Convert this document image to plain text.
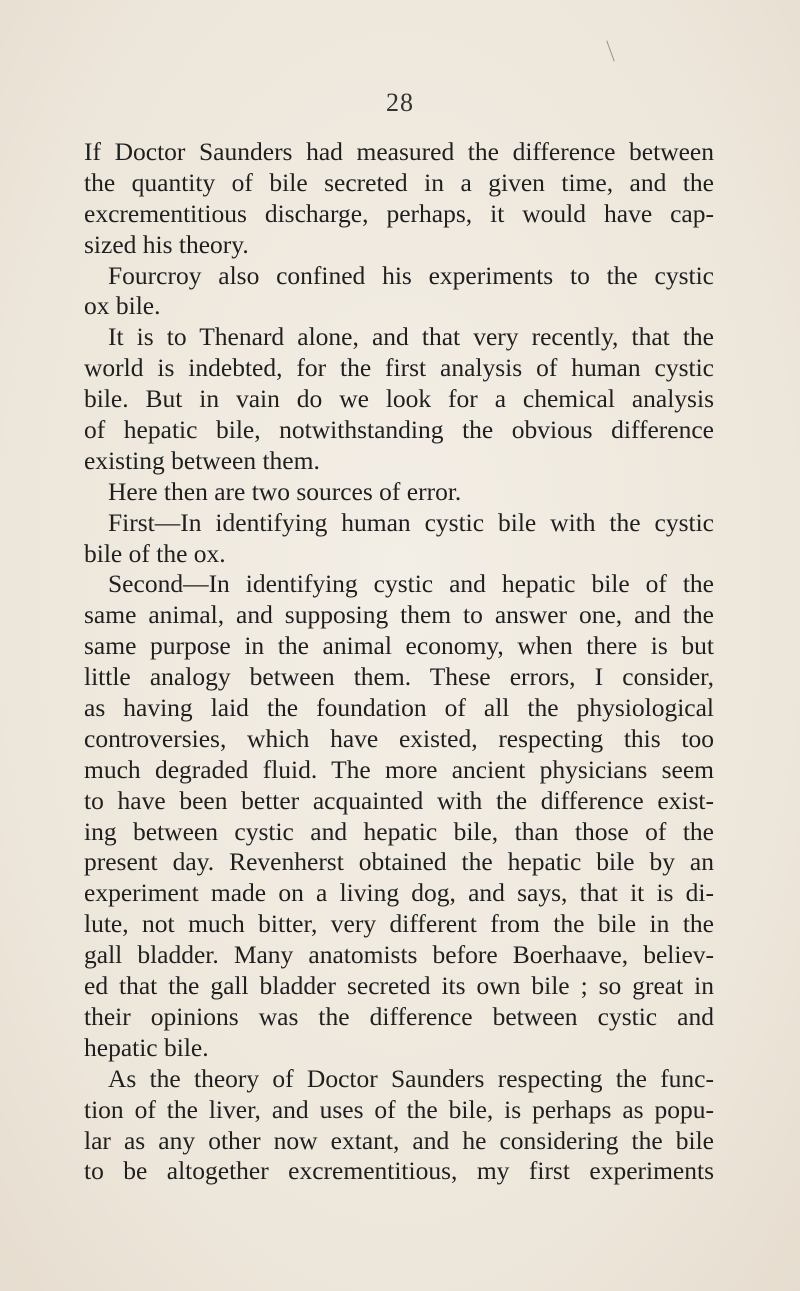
28
If Doctor Saunders had measured the difference between
the quantity of bile secreted in a given time, and the
excrementitious discharge, perhaps, it would have cap-
sized his theory.
Fourcroy also confined his experiments to the cystic
ox bile.
It is to Thenard alone, and that very recently, that the
world is indebted, for the first analysis of human cystic
bile. But in vain do we look for a chemical analysis
of hepatic bile, notwithstanding the obvious difference
existing between them.
Here then are two sources of error.
First—In identifying human cystic bile with the cystic
bile of the ox.
Second—In identifying cystic and hepatic bile of the
same animal, and supposing them to answer one, and the
same purpose in the animal economy, when there is but
little analogy between them. These errors, I consider,
as having laid the foundation of all the physiological
controversies, which have existed, respecting this too
much degraded fluid. The more ancient physicians seem
to have been better acquainted with the difference exist-
ing between cystic and hepatic bile, than those of the
present day. Revenherst obtained the hepatic bile by an
experiment made on a living dog, and says, that it is di-
lute, not much bitter, very different from the bile in the
gall bladder. Many anatomists before Boerhaave, believ-
ed that the gall bladder secreted its own bile ; so great in
their opinions was the difference between cystic and
hepatic bile.
As the theory of Doctor Saunders respecting the func-
tion of the liver, and uses of the bile, is perhaps as popu-
lar as any other now extant, and he considering the bile
to be altogether excrementitious, my first experiments
